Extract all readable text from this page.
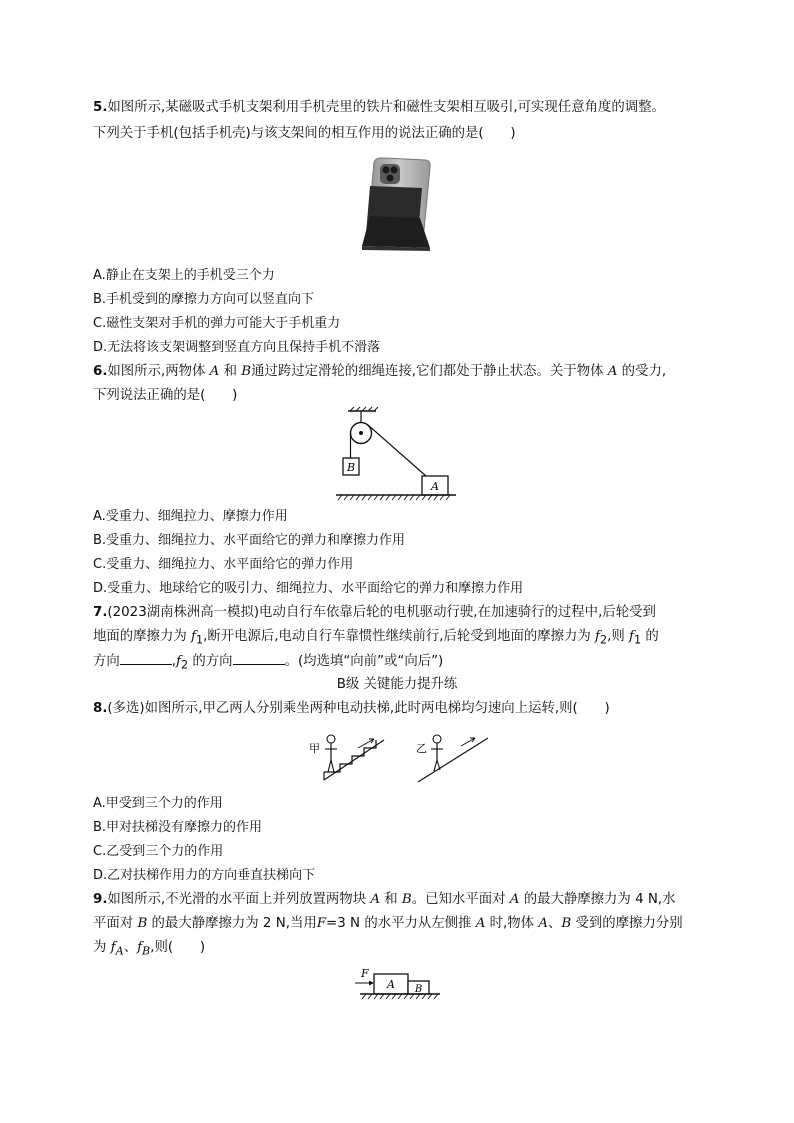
5.如图所示,某磁吸式手机支架利用手机壳里的铁片和磁性支架相互吸引,可实现任意角度的调整。
下列关于手机(包括手机壳)与该支架间的相互作用的说法正确的是(　　)
A.静止在支架上的手机受三个力
B.手机受到的摩擦力方向可以竖直向下
C.磁性支架对手机的弹力可能大于手机重力
D.无法将该支架调整到竖直方向且保持手机不滑落
6.如图所示,两物体 A 和 B通过跨过定滑轮的细绳连接,它们都处于静止状态。关于物体 A 的受力,
下列说法正确的是(　　)
B
A
A.受重力、细绳拉力、摩擦力作用
B.受重力、细绳拉力、水平面给它的弹力和摩擦力作用
C.受重力、细绳拉力、水平面给它的弹力作用
D.受重力、地球给它的吸引力、细绳拉力、水平面给它的弹力和摩擦力作用
7.(2023湖南株洲高一模拟)电动自行车依靠后轮的电机驱动行驶,在加速骑行的过程中,后轮受到
地面的摩擦力为 $f_1$,断开电源后,电动自行车靠惯性继续前行,后轮受到地面的摩擦力为 $f_2$,则 $f_1$ 的
方向	$,f_2$ 的方向	。(均选填“向前”或“向后”)
B级 关键能力提升练
8.(多选)如图所示,甲乙两人分别乘坐两种电动扶梯,此时两电梯均匀速向上运转,则(　　)
甲	乙
A.甲受到三个力的作用
B.甲对扶梯没有摩擦力的作用
C.乙受到三个力的作用
D.乙对扶梯作用力的方向垂直扶梯向下
9.如图所示,不光滑的水平面上并列放置两物块 A 和 B。已知水平面对 A 的最大静摩擦力为 4 N,水
平面对 B 的最大静摩擦力为 2 N,当用F=3 N 的水平力从左侧推 A 时,物体 A、B 受到的摩擦力分别
为 $f_A$、$f_B$,则(　　)
F
A B
